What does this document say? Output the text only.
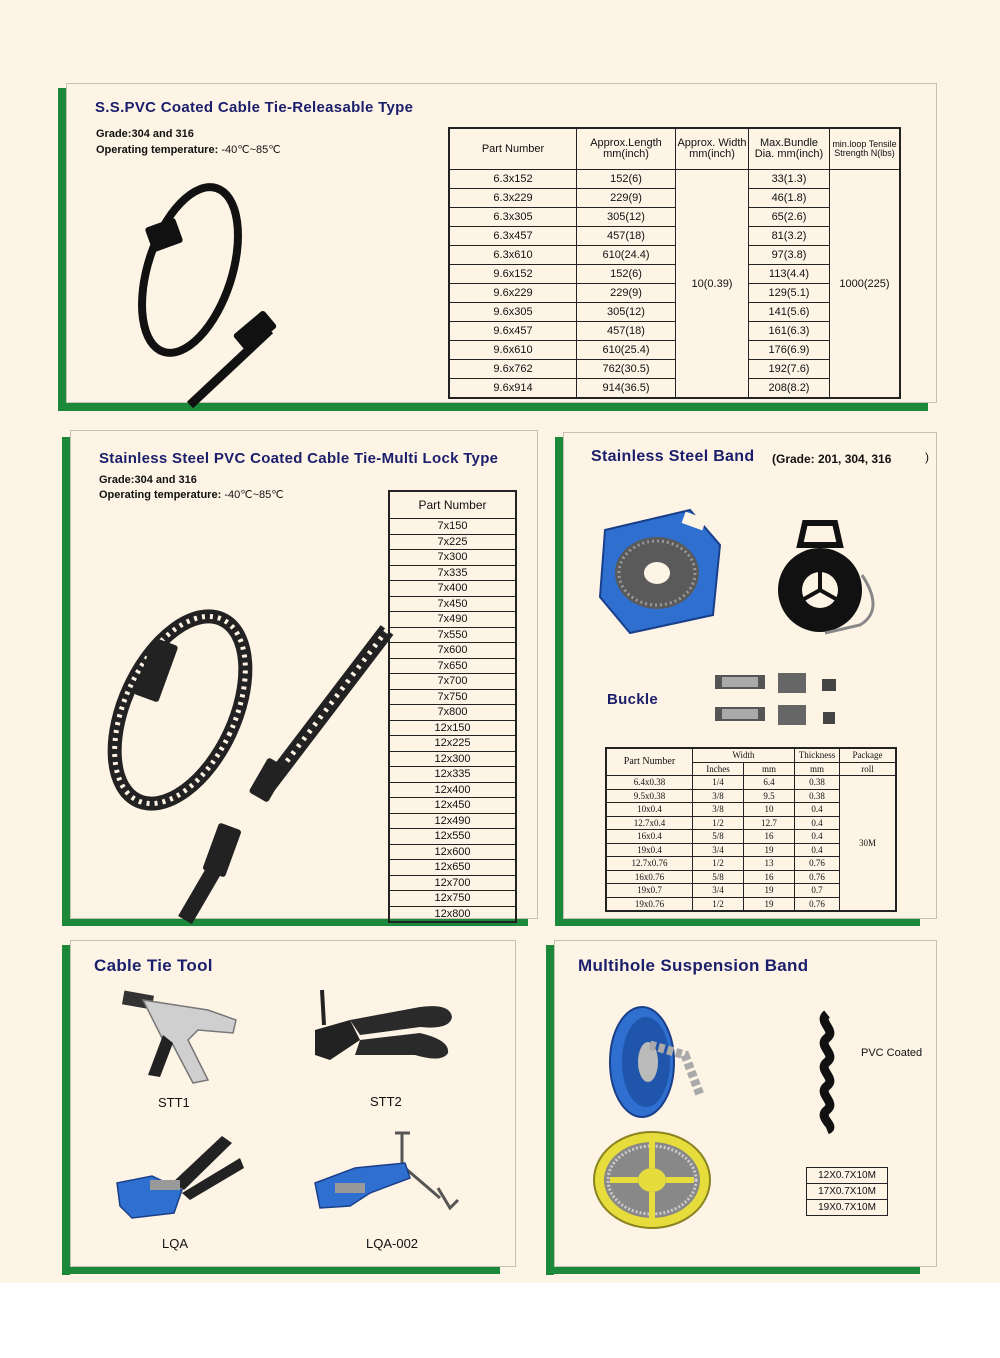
S.S.PVC Coated Cable Tie-Releasable Type
Grade:304 and 316
Operating temperature: -40℃~85℃	Part Number	Approx.Length mm(inch)	Approx. Width mm(inch)	Max.Bundle Dia. mm(inch)	min.loop Tensile Strength N(lbs)
6.3x152	152(6)	10(0.39)	33(1.3)	1000(225)
6.3x229	229(9)		46(1.8)	
6.3x305	305(12)		65(2.6)	
6.3x457	457(18)		81(3.2)	
6.3x610	610(24.4)		97(3.8)	
9.6x152	152(6)		113(4.4)	
9.6x229	229(9)		129(5.1)	
9.6x305	305(12)		141(5.6)	
9.6x457	457(18)		161(6.3)	
9.6x610	610(25.4)		176(6.9)	
9.6x762	762(30.5)		192(7.6)	
9.6x914	914(36.5)		208(8.2)	
Stainless Steel PVC Coated Cable Tie-Multi Lock Type
Grade:304 and 316
Operating temperature: -40℃~85℃
Part Number
7x150
7x225
7x300
7x335
7x400
7x450
7x490
7x550
7x600
7x650
7x700
7x750
7x800
12x150
12x225
12x300
12x335
12x400
12x450
12x490
12x550
12x600
12x650
12x700
12x750
12x800
Stainless Steel Band (Grade: 201, 304, 316	)
Buckle
Part Number	Width		Thickness	Package
	Inches	mm	mm	roll
6.4x0.38	1/4	6.4	0.38	30M
9.5x0.38	3/8	9.5	0.38	
10x0.4	3/8	10	0.4	
12.7x0.4	1/2	12.7	0.4	
16x0.4	5/8	16	0.4	
19x0.4	3/4	19	0.4	
12.7x0.76	1/2	13	0.76	
16x0.76	5/8	16	0.76	
19x0.7	3/4	19	0.7	
19x0.76	1/2	19	0.76	
Cable Tie Tool
STT1	STT2
LQA	LQA-002
Multihole Suspension Band
PVC Coated
12X0.7X10M
17X0.7X10M
19X0.7X10M
